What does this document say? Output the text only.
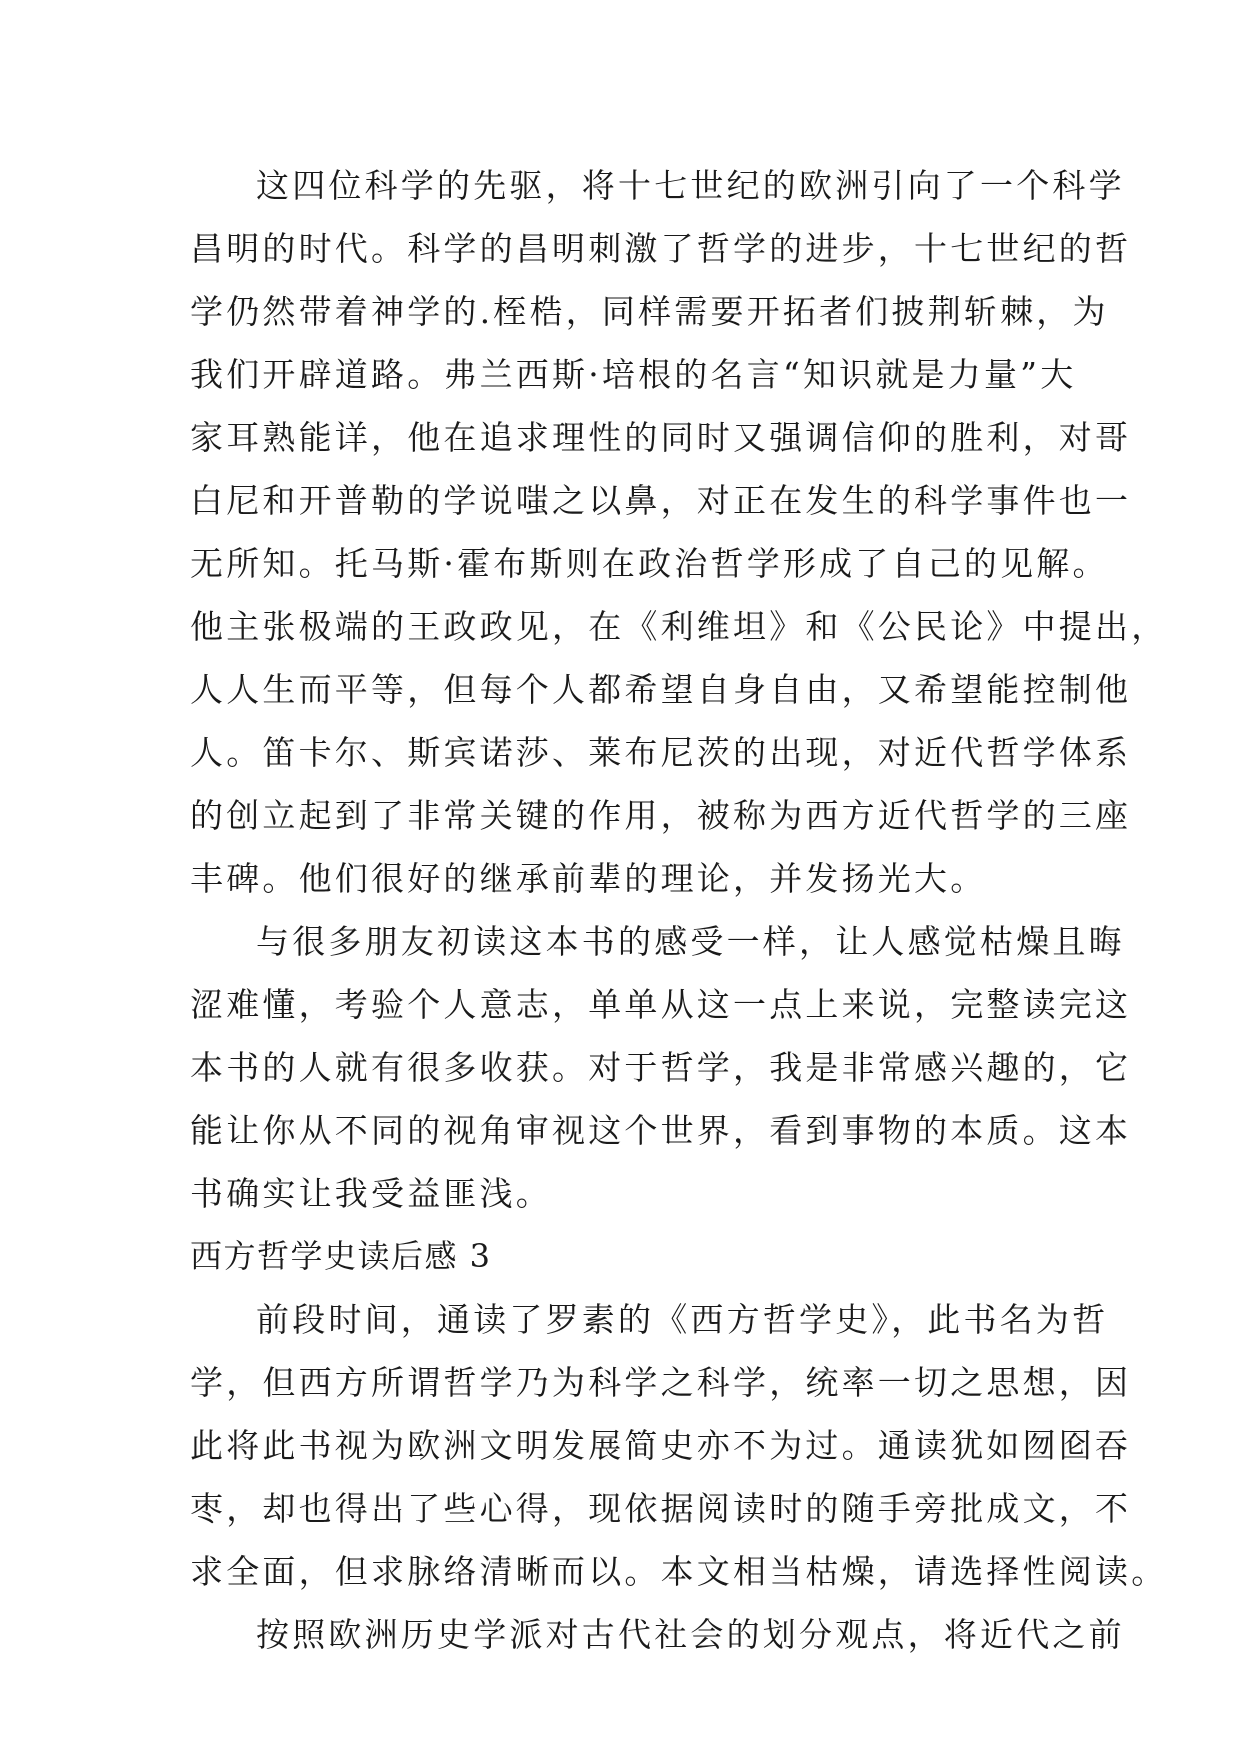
这四位科学的先驱，将十七世纪的欧洲引向了一个科学
昌明的时代。科学的昌明刺激了哲学的进步，十七世纪的哲
学仍然带着神学的.桎梏，同样需要开拓者们披荆斩棘，为
我们开辟道路。弗兰西斯·培根的名言“知识就是力量”大
家耳熟能详，他在追求理性的同时又强调信仰的胜利，对哥
白尼和开普勒的学说嗤之以鼻，对正在发生的科学事件也一
无所知。托马斯·霍布斯则在政治哲学形成了自己的见解。
他主张极端的王政政见，在《利维坦》和《公民论》中提出，
人人生而平等，但每个人都希望自身自由，又希望能控制他
人。笛卡尔、斯宾诺莎、莱布尼茨的出现，对近代哲学体系
的创立起到了非常关键的作用，被称为西方近代哲学的三座
丰碑。他们很好的继承前辈的理论，并发扬光大。
与很多朋友初读这本书的感受一样，让人感觉枯燥且晦
涩难懂，考验个人意志，单单从这一点上来说，完整读完这
本书的人就有很多收获。对于哲学，我是非常感兴趣的，它
能让你从不同的视角审视这个世界，看到事物的本质。这本
书确实让我受益匪浅。
西方哲学史读后感 3
前段时间，通读了罗素的《西方哲学史》，此书名为哲
学，但西方所谓哲学乃为科学之科学，统率一切之思想，因
此将此书视为欧洲文明发展简史亦不为过。通读犹如囫囵吞
枣，却也得出了些心得，现依据阅读时的随手旁批成文，不
求全面，但求脉络清晰而以。本文相当枯燥，请选择性阅读。
按照欧洲历史学派对古代社会的划分观点，将近代之前
